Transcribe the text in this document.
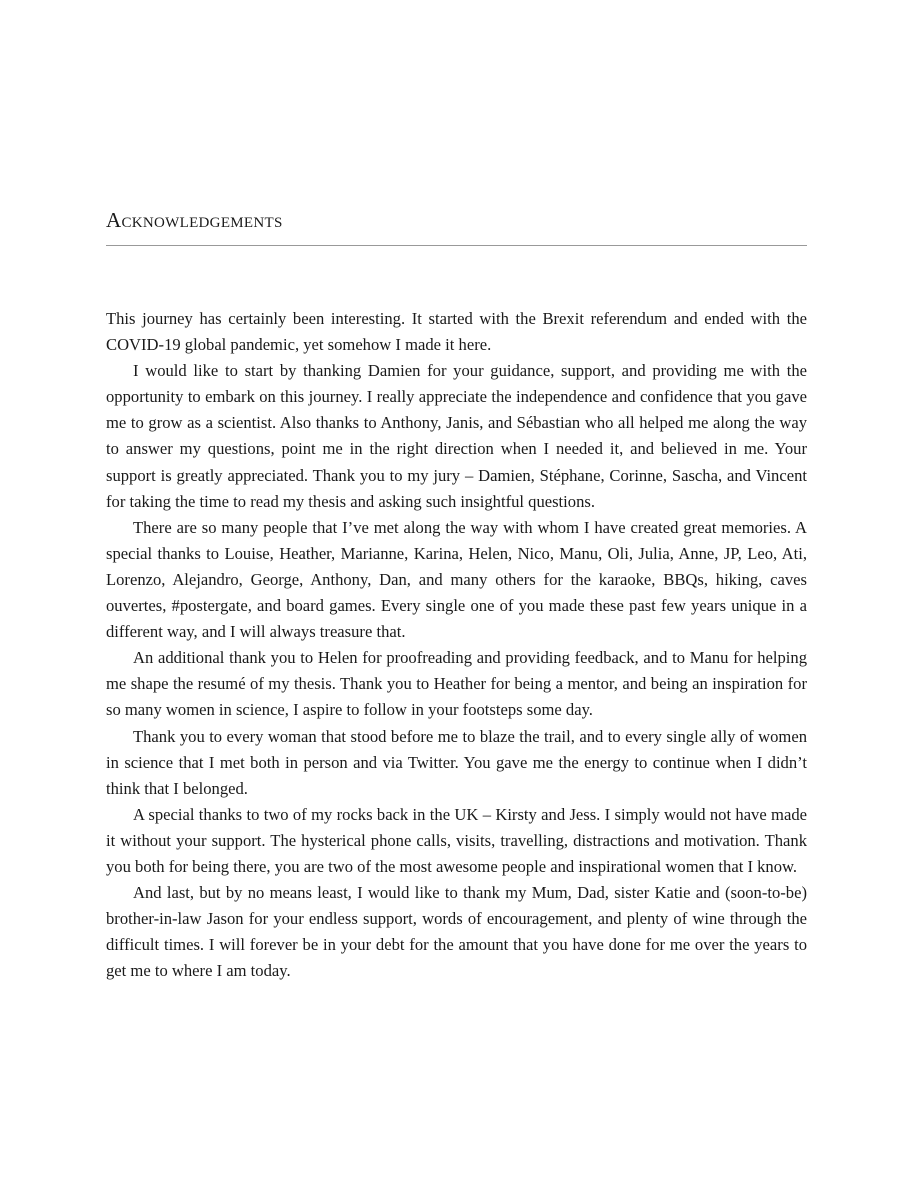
Acknowledgements

This journey has certainly been interesting. It started with the Brexit referendum and ended with the COVID-19 global pandemic, yet somehow I made it here.

I would like to start by thanking Damien for your guidance, support, and providing me with the opportunity to embark on this journey. I really appreciate the independence and confidence that you gave me to grow as a scientist. Also thanks to Anthony, Janis, and Sébastian who all helped me along the way to answer my questions, point me in the right direction when I needed it, and believed in me. Your support is greatly appreciated. Thank you to my jury – Damien, Stéphane, Corinne, Sascha, and Vincent for taking the time to read my thesis and asking such insightful questions.

There are so many people that I’ve met along the way with whom I have created great memories. A special thanks to Louise, Heather, Marianne, Karina, Helen, Nico, Manu, Oli, Julia, Anne, JP, Leo, Ati, Lorenzo, Alejandro, George, Anthony, Dan, and many others for the karaoke, BBQs, hiking, caves ouvertes, #postergate, and board games. Every single one of you made these past few years unique in a different way, and I will always treasure that.

An additional thank you to Helen for proofreading and providing feedback, and to Manu for helping me shape the resumé of my thesis. Thank you to Heather for being a mentor, and being an inspiration for so many women in science, I aspire to follow in your footsteps some day.

Thank you to every woman that stood before me to blaze the trail, and to every single ally of women in science that I met both in person and via Twitter. You gave me the energy to continue when I didn’t think that I belonged.

A special thanks to two of my rocks back in the UK – Kirsty and Jess. I simply would not have made it without your support. The hysterical phone calls, visits, travelling, distractions and motivation. Thank you both for being there, you are two of the most awesome people and inspirational women that I know.

And last, but by no means least, I would like to thank my Mum, Dad, sister Katie and (soon-to-be) brother-in-law Jason for your endless support, words of encouragement, and plenty of wine through the difficult times. I will forever be in your debt for the amount that you have done for me over the years to get me to where I am today.
